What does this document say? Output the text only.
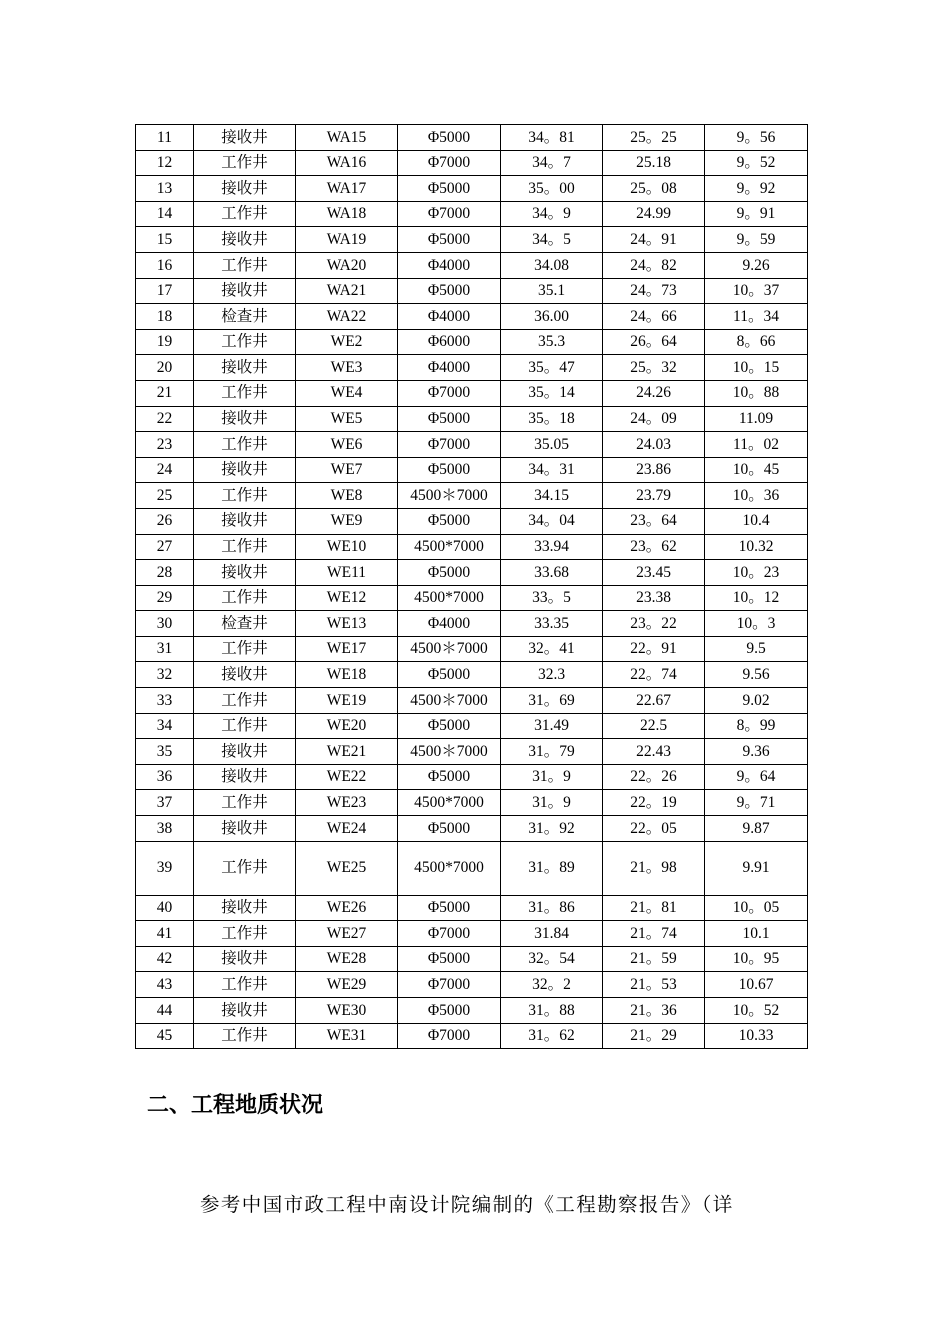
11	接收井	WA15	Φ5000	34。81	25。25	9。56
12	工作井	WA16	Φ7000	34。7	25.18	9。52
13	接收井	WA17	Φ5000	35。00	25。08	9。92
14	工作井	WA18	Φ7000	34。9	24.99	9。91
15	接收井	WA19	Φ5000	34。5	24。91	9。59
16	工作井	WA20	Φ4000	34.08	24。82	9.26
17	接收井	WA21	Φ5000	35.1	24。73	10。37
18	检查井	WA22	Φ4000	36.00	24。66	11。34
19	工作井	WE2	Φ6000	35.3	26。64	8。66
20	接收井	WE3	Φ4000	35。47	25。32	10。15
21	工作井	WE4	Φ7000	35。14	24.26	10。88
22	接收井	WE5	Φ5000	35。18	24。09	11.09
23	工作井	WE6	Φ7000	35.05	24.03	11。02
24	接收井	WE7	Φ5000	34。31	23.86	10。45
25	工作井	WE8	4500＊7000	34.15	23.79	10。36
26	接收井	WE9	Φ5000	34。04	23。64	10.4
27	工作井	WE10	4500*7000	33.94	23。62	10.32
28	接收井	WE11	Φ5000	33.68	23.45	10。23
29	工作井	WE12	4500*7000	33。5	23.38	10。12
30	检查井	WE13	Φ4000	33.35	23。22	10。3
31	工作井	WE17	4500＊7000	32。41	22。91	9.5
32	接收井	WE18	Φ5000	32.3	22。74	9.56
33	工作井	WE19	4500＊7000	31。69	22.67	9.02
34	工作井	WE20	Φ5000	31.49	22.5	8。99
35	接收井	WE21	4500＊7000	31。79	22.43	9.36
36	接收井	WE22	Φ5000	31。9	22。26	9。64
37	工作井	WE23	4500*7000	31。9	22。19	9。71
38	接收井	WE24	Φ5000	31。92	22。05	9.87
39	工作井	WE25	4500*7000	31。89	21。98	9.91
40	接收井	WE26	Φ5000	31。86	21。81	10。05
41	工作井	WE27	Φ7000	31.84	21。74	10.1
42	接收井	WE28	Φ5000	32。54	21。59	10。95
43	工作井	WE29	Φ7000	32。2	21。53	10.67
44	接收井	WE30	Φ5000	31。88	21。36	10。52
45	工作井	WE31	Φ7000	31。62	21。29	10.33
二、工程地质状况

参考中国市政工程中南设计院编制的《工程勘察报告》（详
